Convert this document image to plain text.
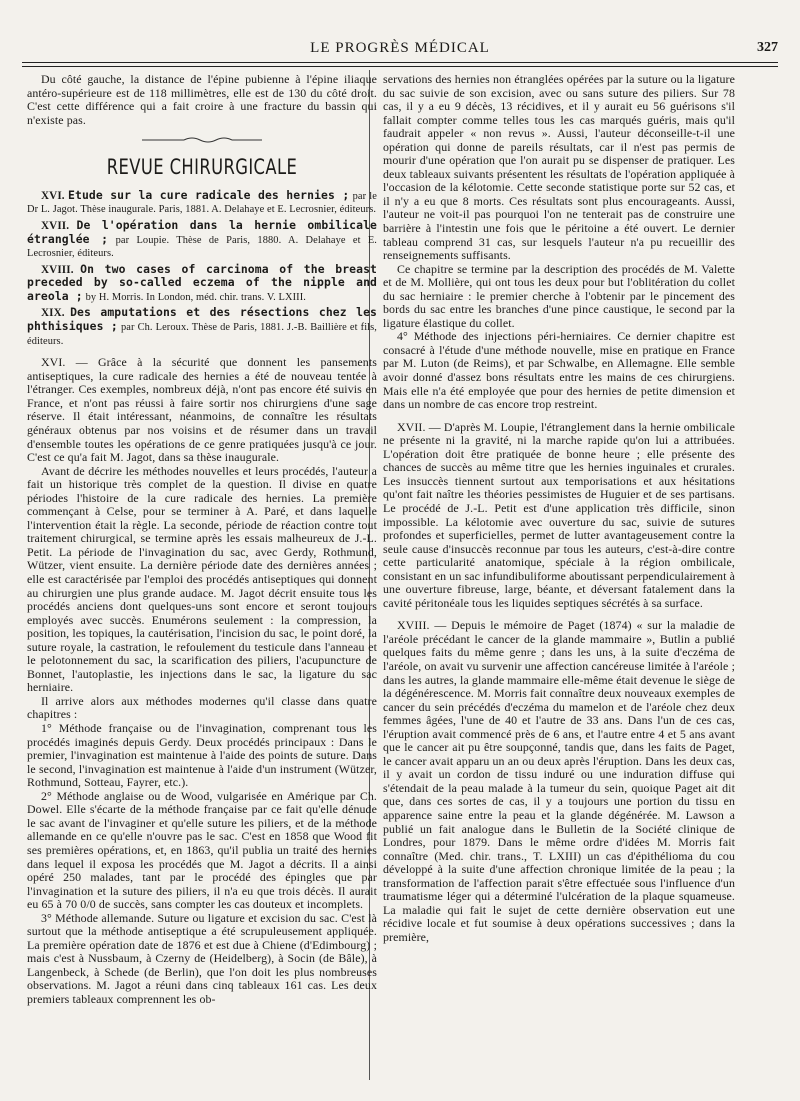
LE PROGRÈS MÉDICAL	327

Du côté gauche, la distance de l'épine pubienne à l'épine iliaque antéro-supérieure est de 118 millimètres, elle est de 130 du côté droit. C'est cette différence qui a fait croire à une fracture du bassin qui n'existe pas.

REVUE CHIRURGICALE

XVI. Etude sur la cure radicale des hernies ; par le Dr L. Jagot. Thèse inaugurale. Paris, 1881. A. Delahaye et E. Lecrosnier, éditeurs.

XVII. De l'opération dans la hernie ombilicale étranglée ; par Loupie. Thèse de Paris, 1880. A. Delahaye et E. Lecrosnier, éditeurs.

XVIII. On two cases of carcinoma of the breast preceded by so-called eczema of the nipple and areola ; by H. Morris. In London, méd. chir. trans. V. LXIII.

XIX. Des amputations et des résections chez les phthisiques ; par Ch. Leroux. Thèse de Paris, 1881. J.-B. Baillière et fils, éditeurs.

XVI. — Grâce à la sécurité que donnent les pansements antiseptiques, la cure radicale des hernies a été de nouveau tentée à l'étranger. Ces exemples, nombreux déjà, n'ont pas encore été suivis en France, et n'ont pas réussi à faire sortir nos chirurgiens d'une sage réserve. Il était intéressant, néanmoins, de connaître les résultats généraux obtenus par nos voisins et de résumer dans un travail d'ensemble toutes les opérations de ce genre pratiquées jusqu'à ce jour. C'est ce qu'a fait M. Jagot, dans sa thèse inaugurale.

Avant de décrire les méthodes nouvelles et leurs procédés, l'auteur a fait un historique très complet de la question. Il divise en quatre périodes l'histoire de la cure radicale des hernies. La première commençant à Celse, pour se terminer à A. Paré, et dans laquelle l'intervention était la règle. La seconde, période de réaction contre tout traitement chirurgical, se termine après les essais malheureux de J.-L. Petit. La période de l'invagination du sac, avec Gerdy, Rothmund, Wützer, vient ensuite. La dernière période date des dernières années ; elle est caractérisée par l'emploi des procédés antiseptiques qui donnent au chirurgien une plus grande audace. M. Jagot décrit ensuite tous les procédés anciens dont quelques-uns sont encore et seront toujours employés avec succès. Enumérons seulement : la compression, la position, les topiques, la cautérisation, l'incision du sac, le point doré, la suture royale, la castration, le refoulement du testicule dans l'anneau et le pelotonnement du sac, la scarification des piliers, l'acupuncture de Bonnet, l'autoplastie, les injections dans le sac, la ligature du sac herniaire.

Il arrive alors aux méthodes modernes qu'il classe dans quatre chapitres :

1° Méthode française ou de l'invagination, comprenant tous les procédés imaginés depuis Gerdy. Deux procédés principaux : Dans le premier, l'invagination est maintenue à l'aide des points de suture. Dans le second, l'invagination est maintenue à l'aide d'un instrument (Wützer, Rothmund, Sotteau, Fayrer, etc.).

2° Méthode anglaise ou de Wood, vulgarisée en Amérique par Ch. Dowel. Elle s'écarte de la méthode française par ce fait qu'elle dénude le sac avant de l'invaginer et qu'elle suture les piliers, et de la méthode allemande en ce qu'elle n'ouvre pas le sac. C'est en 1858 que Wood fit ses premières opérations, et, en 1863, qu'il publia un traité des hernies dans lequel il exposa les procédés que M. Jagot a décrits. Il a ainsi opéré 250 malades, tant par le procédé des épingles que par l'invagination et la suture des piliers, il n'a eu que trois décès. Il aurait eu 65 à 70 0/0 de succès, sans compter les cas douteux et incomplets.

3° Méthode allemande. Suture ou ligature et excision du sac. C'est là surtout que la méthode antiseptique a été scrupuleusement appliquée. La première opération date de 1876 et est due à Chiene (d'Edimbourg) ; mais c'est à Nussbaum, à Czerny de (Heidelberg), à Socin (de Bâle), à Langenbeck, à Schede (de Berlin), que l'on doit les plus nombreuses observations. M. Jagot a réuni dans cinq tableaux 161 cas. Les deux premiers tableaux comprennent les ob-

servations des hernies non étranglées opérées par la suture ou la ligature du sac suivie de son excision, avec ou sans suture des piliers. Sur 78 cas, il y a eu 9 décès, 13 récidives, et il y aurait eu 56 guérisons s'il fallait compter comme telles tous les cas marqués guéris, mais qu'il faudrait appeler « non revus ». Aussi, l'auteur déconseille-t-il une opération qui donne de pareils résultats, car il n'est pas permis de mourir d'une opération que l'on aurait pu se dispenser de pratiquer. Les deux tableaux suivants présentent les résultats de l'opération appliquée à l'occasion de la kélotomie. Cette seconde statistique porte sur 52 cas, et il n'y a eu que 8 morts. Ces résultats sont plus encourageants. Aussi, l'auteur ne voit-il pas pourquoi l'on ne tenterait pas de construire une barrière à l'intestin une fois que le péritoine a été ouvert. Le dernier tableau comprend 31 cas, sur lesquels l'auteur n'a pu recueillir des renseignements suffisants.

Ce chapitre se termine par la description des procédés de M. Valette et de M. Mollière, qui ont tous les deux pour but l'oblitération du collet du sac herniaire : le premier cherche à l'obtenir par le pincement des bords du sac entre les branches d'une pince caustique, le second par la ligature élastique du collet.

4° Méthode des injections péri-herniaires. Ce dernier chapitre est consacré à l'étude d'une méthode nouvelle, mise en pratique en France par M. Luton (de Reims), et par Schwalbe, en Allemagne. Elle semble avoir donné d'assez bons résultats entre les mains de ces chirurgiens. Mais elle n'a été employée que pour des hernies de petite dimension et dans un nombre de cas encore trop restreint.

XVII. — D'après M. Loupie, l'étranglement dans la hernie ombilicale ne présente ni la gravité, ni la marche rapide qu'on lui a attribuées. L'opération doit être pratiquée de bonne heure ; elle présente des chances de succès au même titre que les hernies inguinales et crurales. Les insuccès tiennent surtout aux temporisations et aux hésitations qu'ont fait naître les théories pessimistes de Huguier et de ses partisans. Le procédé de J.-L. Petit est d'une application très difficile, sinon impossible. La kélotomie avec ouverture du sac, suivie de sutures profondes et superficielles, permet de lutter avantageusement contre la seule cause d'insuccès reconnue par tous les auteurs, c'est-à-dire contre cette particularité anatomique, spéciale à la région ombilicale, consistant en un sac infundibuliforme aboutissant perpendiculairement à une ouverture fibreuse, large, béante, et déversant fatalement dans la cavité péritonéale tous les liquides septiques sécrétés à sa surface.

XVIII. — Depuis le mémoire de Paget (1874) « sur la maladie de l'aréole précédant le cancer de la glande mammaire », Butlin a publié quelques faits du même genre ; dans les uns, à la suite d'eczéma de l'aréole, on avait vu survenir une affection cancéreuse limitée à l'aréole ; dans les autres, la glande mammaire elle-même était devenue le siège de la dégénérescence. M. Morris fait connaître deux nouveaux exemples de cancer du sein précédés d'eczéma du mamelon et de l'aréole chez deux femmes âgées, l'une de 40 et l'autre de 33 ans. Dans l'un de ces cas, l'éruption avait commencé près de 6 ans, et l'autre entre 4 et 5 ans avant que le cancer ait pu être soupçonné, tandis que, dans les faits de Paget, le cancer avait apparu un an ou deux après l'éruption. Dans les deux cas, il y avait un cordon de tissu induré ou une induration diffuse qui s'étendait de la peau malade à la tumeur du sein, quoique Paget ait dit que, dans ces sortes de cas, il y a toujours une portion du tissu en apparence saine entre la peau et la glande dégénérée. M. Lawson a publié un fait analogue dans le Bulletin de la Société clinique de Londres, pour 1879. Dans le même ordre d'idées M. Morris fait connaître (Med. chir. trans., T. LXIII) un cas d'épithélioma du cou développé à la suite d'une affection chronique limitée de la peau ; la transformation de l'affection parait s'être effectuée sous l'influence d'un traumatisme léger qui a déterminé l'ulcération de la plaque squameuse. La maladie qui fait le sujet de cette dernière observation eut une récidive locale et fut soumise à deux opérations successives ; dans la première,
